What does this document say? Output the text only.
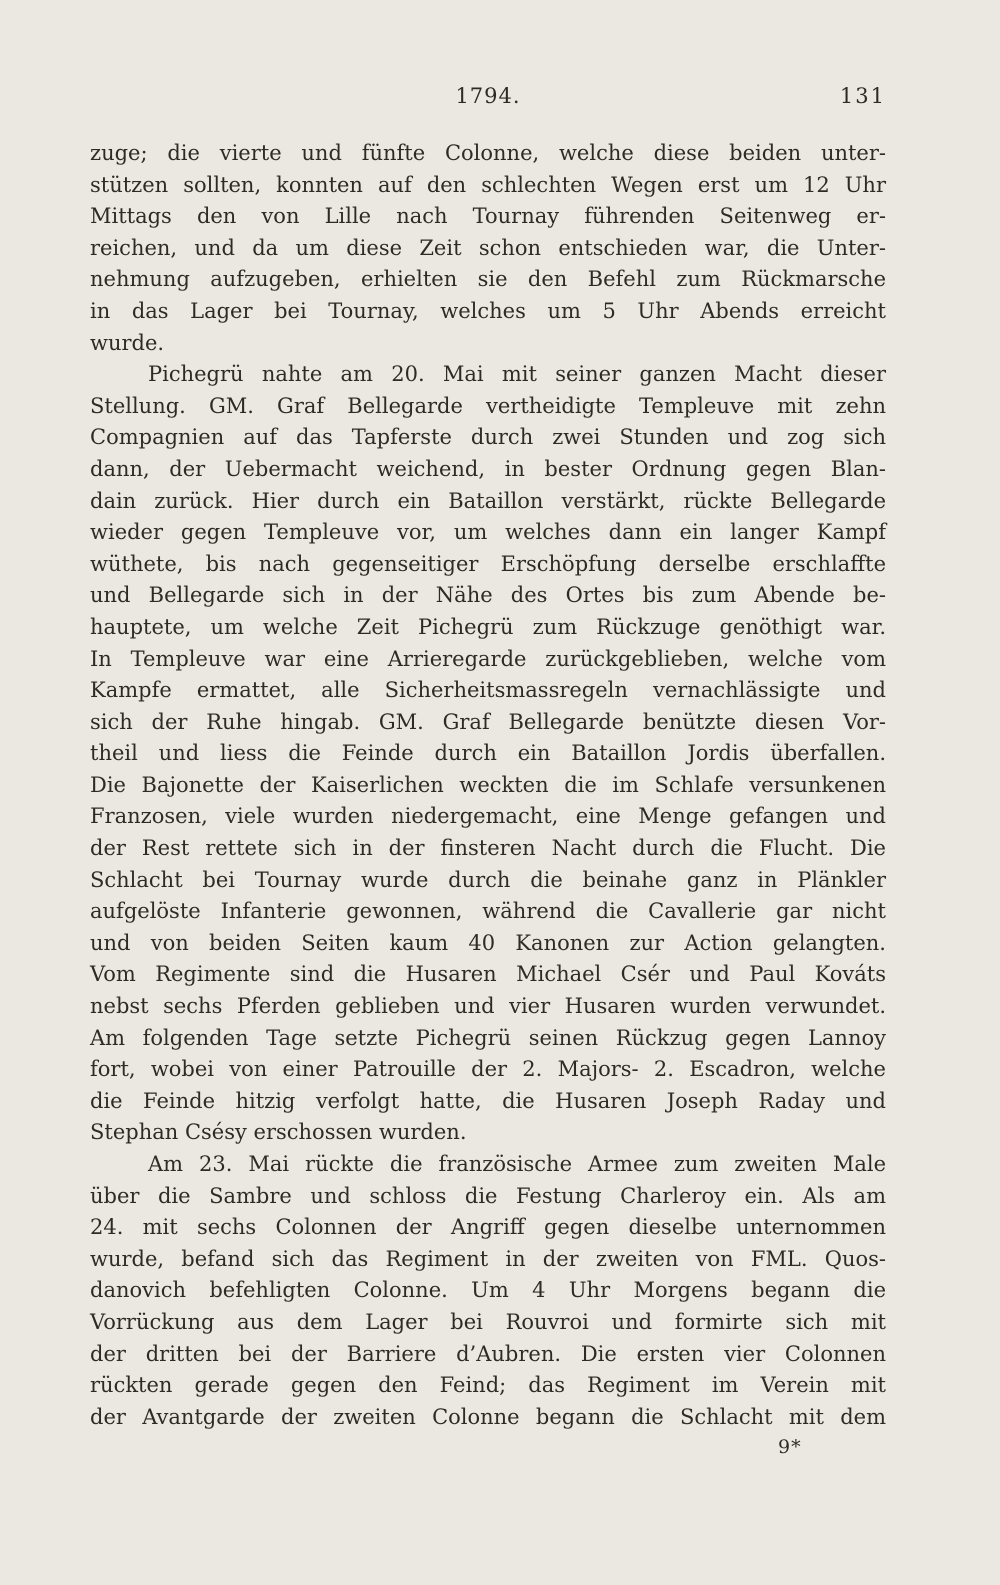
1794.	131
zuge; die vierte und fünfte Colonne, welche diese beiden unter-
stützen sollten, konnten auf den schlechten Wegen erst um 12 Uhr
Mittags den von Lille nach Tournay führenden Seitenweg er-
reichen, und da um diese Zeit schon entschieden war, die Unter-
nehmung aufzugeben, erhielten sie den Befehl zum Rückmarsche
in das Lager bei Tournay, welches um 5 Uhr Abends erreicht
wurde.
Pichegrü nahte am 20. Mai mit seiner ganzen Macht dieser
Stellung. GM. Graf Bellegarde vertheidigte Templeuve mit zehn
Compagnien auf das Tapferste durch zwei Stunden und zog sich
dann, der Uebermacht weichend, in bester Ordnung gegen Blan-
dain zurück. Hier durch ein Bataillon verstärkt, rückte Bellegarde
wieder gegen Templeuve vor, um welches dann ein langer Kampf
wüthete, bis nach gegenseitiger Erschöpfung derselbe erschlaffte
und Bellegarde sich in der Nähe des Ortes bis zum Abende be-
hauptete, um welche Zeit Pichegrü zum Rückzuge genöthigt war.
In Templeuve war eine Arrieregarde zurückgeblieben, welche vom
Kampfe ermattet, alle Sicherheitsmassregeln vernachlässigte und
sich der Ruhe hingab. GM. Graf Bellegarde benützte diesen Vor-
theil und liess die Feinde durch ein Bataillon Jordis überfallen.
Die Bajonette der Kaiserlichen weckten die im Schlafe versunkenen
Franzosen, viele wurden niedergemacht, eine Menge gefangen und
der Rest rettete sich in der finsteren Nacht durch die Flucht. Die
Schlacht bei Tournay wurde durch die beinahe ganz in Plänkler
aufgelöste Infanterie gewonnen, während die Cavallerie gar nicht
und von beiden Seiten kaum 40 Kanonen zur Action gelangten.
Vom Regimente sind die Husaren Michael Csér und Paul Kováts
nebst sechs Pferden geblieben und vier Husaren wurden verwundet.
Am folgenden Tage setzte Pichegrü seinen Rückzug gegen Lannoy
fort, wobei von einer Patrouille der 2. Majors- 2. Escadron, welche
die Feinde hitzig verfolgt hatte, die Husaren Joseph Raday und
Stephan Csésy erschossen wurden.
Am 23. Mai rückte die französische Armee zum zweiten Male
über die Sambre und schloss die Festung Charleroy ein. Als am
24. mit sechs Colonnen der Angriff gegen dieselbe unternommen
wurde, befand sich das Regiment in der zweiten von FML. Quos-
danovich befehligten Colonne. Um 4 Uhr Morgens begann die
Vorrückung aus dem Lager bei Rouvroi und formirte sich mit
der dritten bei der Barriere d’Aubren. Die ersten vier Colonnen
rückten gerade gegen den Feind; das Regiment im Verein mit
der Avantgarde der zweiten Colonne begann die Schlacht mit dem
9*
